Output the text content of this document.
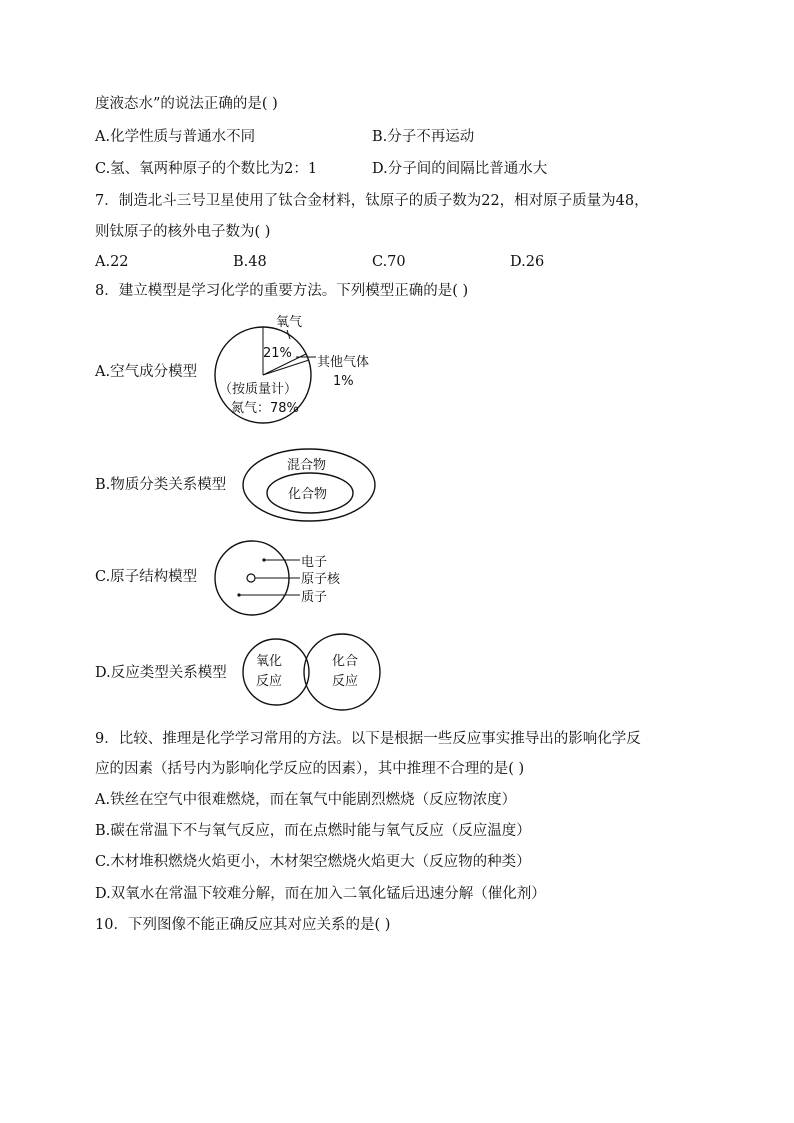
度液态水”的说法正确的是( )
A.化学性质与普通水不同	B.分子不再运动
C.氢、氧两种原子的个数比为2：1	D.分子间的间隔比普通水大
7．制造北斗三号卫星使用了钛合金材料，钛原子的质子数为22，相对原子质量为48，
则钛原子的核外电子数为( )
A.22	B.48	C.70	D.26
8．建立模型是学习化学的重要方法。下列模型正确的是( )
A.空气成分模型
氧气
21%
其他气体
1%
（按质量计）
氮气：78%
混合物
化合物
电子
原子核
质子
氧化
反应
化合
反应
B.物质分类关系模型
C.原子结构模型
D.反应类型关系模型
9．比较、推理是化学学习常用的方法。以下是根据一些反应事实推导出的影响化学反
应的因素（括号内为影响化学反应的因素），其中推理不合理的是( )
A.铁丝在空气中很难燃烧，而在氧气中能剧烈燃烧（反应物浓度）
B.碳在常温下不与氧气反应，而在点燃时能与氧气反应（反应温度）
C.木材堆积燃烧火焰更小，木材架空燃烧火焰更大（反应物的种类）
D.双氧水在常温下较难分解，而在加入二氧化锰后迅速分解（催化剂）
10．下列图像不能正确反应其对应关系的是( )
